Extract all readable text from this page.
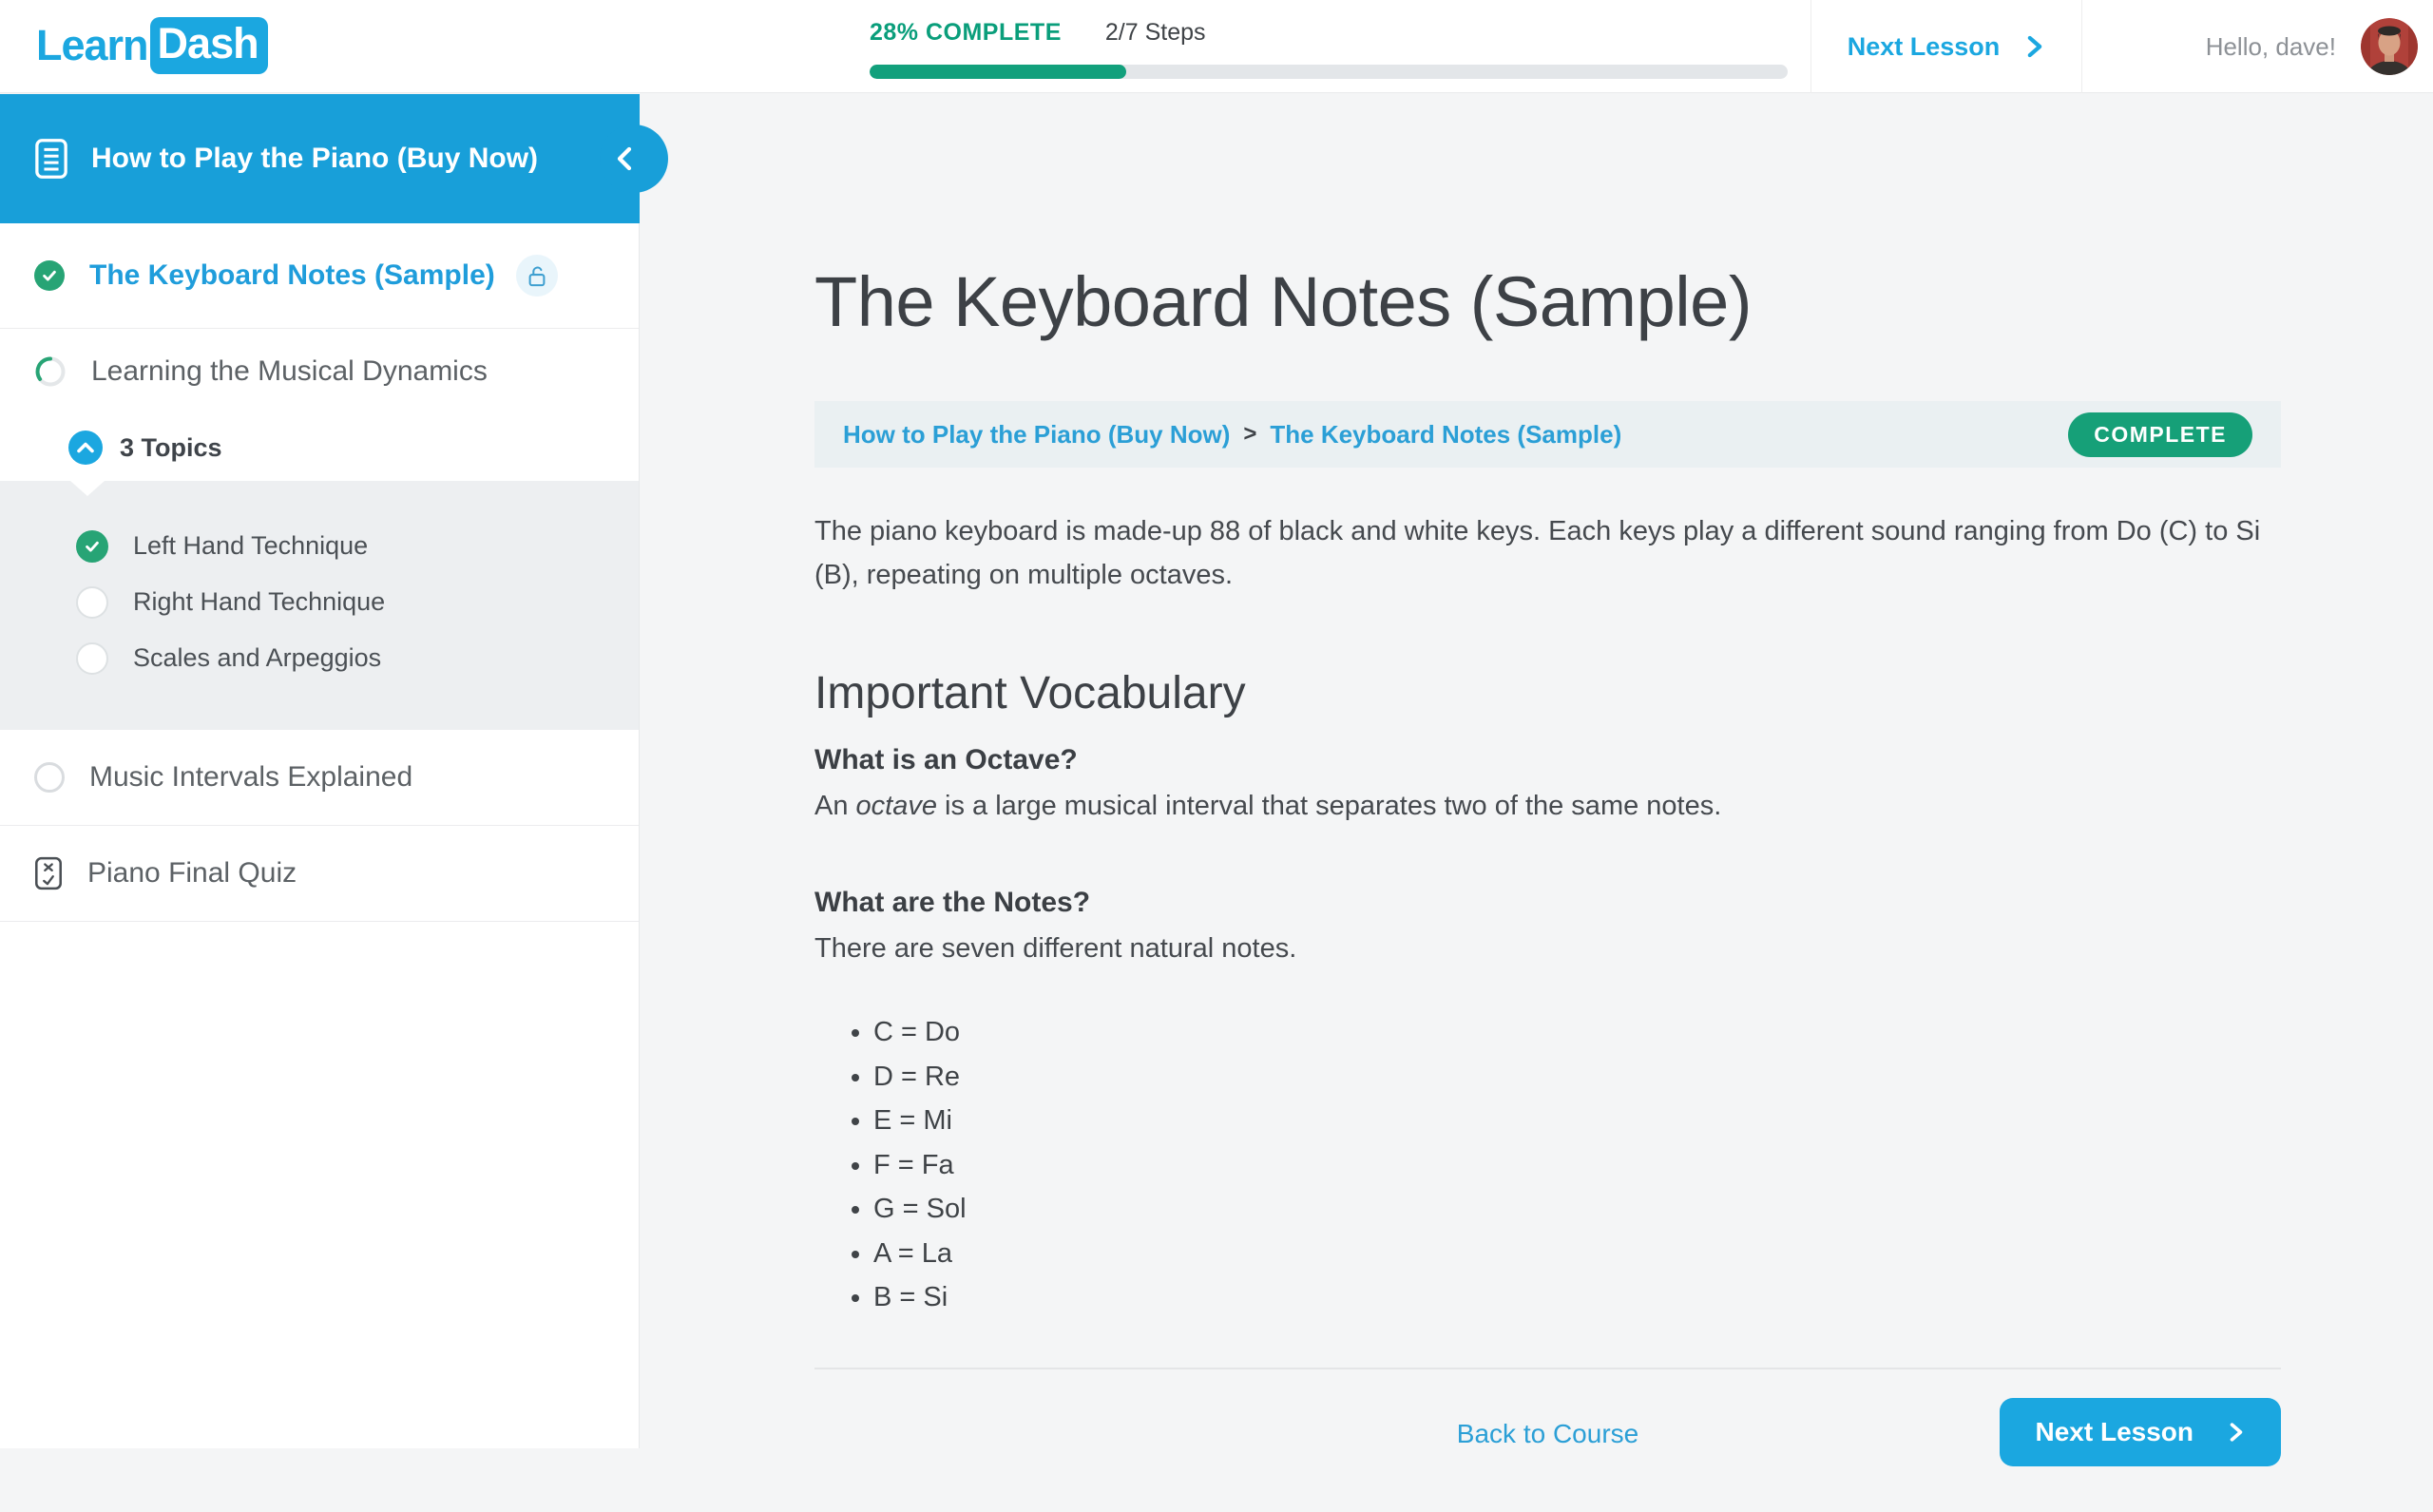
Learn Dash	28% COMPLETE 2/7 Steps	Next Lesson	Hello, dave!
How to Play the Piano (Buy Now)
The Keyboard Notes (Sample)
Learning the Musical Dynamics
3 Topics
Left Hand Technique
Right Hand Technique
Scales and Arpeggios
Music Intervals Explained
Piano Final Quiz
The Keyboard Notes (Sample)
How to Play the Piano (Buy Now) > The Keyboard Notes (Sample)	COMPLETE

The piano keyboard is made-up 88 of black and white keys. Each keys play a different sound ranging from Do (C) to Si (B), repeating on multiple octaves.

Important Vocabulary
What is an Octave?

An octave is a large musical interval that separates two of the same notes.

What are the Notes?

There are seven different natural notes.

• C = Do
• D = Re
• E = Mi
• F = Fa
• G = Sol
• A = La
• B = Si
Back to Course	Next Lesson
